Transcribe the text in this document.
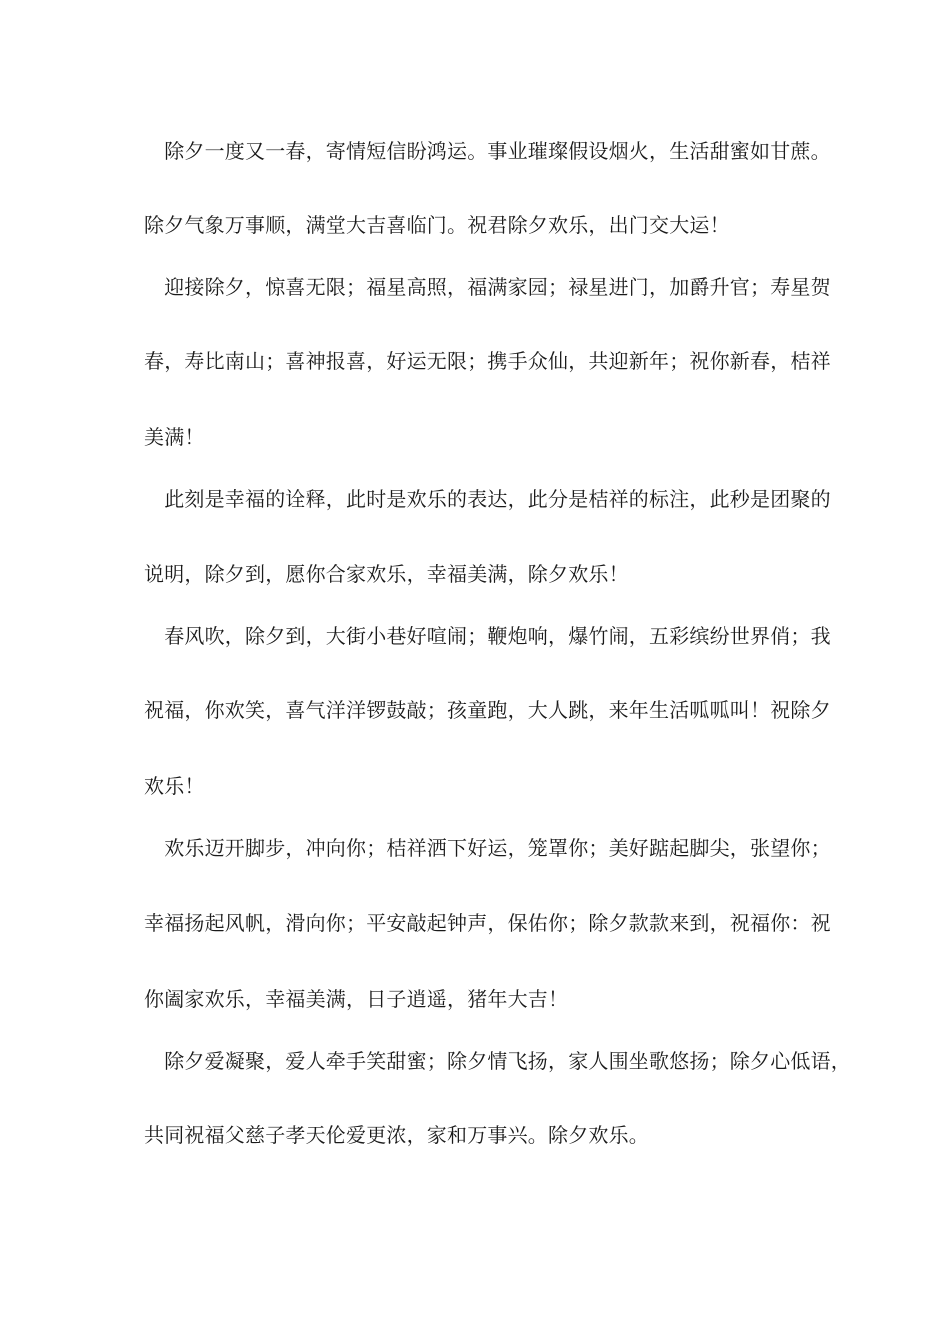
　除夕一度又一春，寄情短信盼鸿运。事业璀璨假设烟火，生活甜蜜如甘蔗。
除夕气象万事顺，满堂大吉喜临门。祝君除夕欢乐，出门交大运！
　迎接除夕，惊喜无限；福星高照，福满家园；禄星进门，加爵升官；寿星贺
春，寿比南山；喜神报喜，好运无限；携手众仙，共迎新年；祝你新春，桔祥
美满！
　此刻是幸福的诠释，此时是欢乐的表达，此分是桔祥的标注，此秒是团聚的
说明，除夕到，愿你合家欢乐，幸福美满，除夕欢乐！
　春风吹，除夕到，大街小巷好喧闹；鞭炮响，爆竹闹，五彩缤纷世界俏；我
祝福，你欢笑，喜气洋洋锣鼓敲；孩童跑，大人跳，来年生活呱呱叫！祝除夕
欢乐！
　欢乐迈开脚步，冲向你；桔祥洒下好运，笼罩你；美好踮起脚尖，张望你；
幸福扬起风帆，滑向你；平安敲起钟声，保佑你；除夕款款来到，祝福你：祝
你阖家欢乐，幸福美满，日子逍遥，猪年大吉！
　除夕爱凝聚，爱人牵手笑甜蜜；除夕情飞扬，家人围坐歌悠扬；除夕心低语，
共同祝福父慈子孝天伦爱更浓，家和万事兴。除夕欢乐。
